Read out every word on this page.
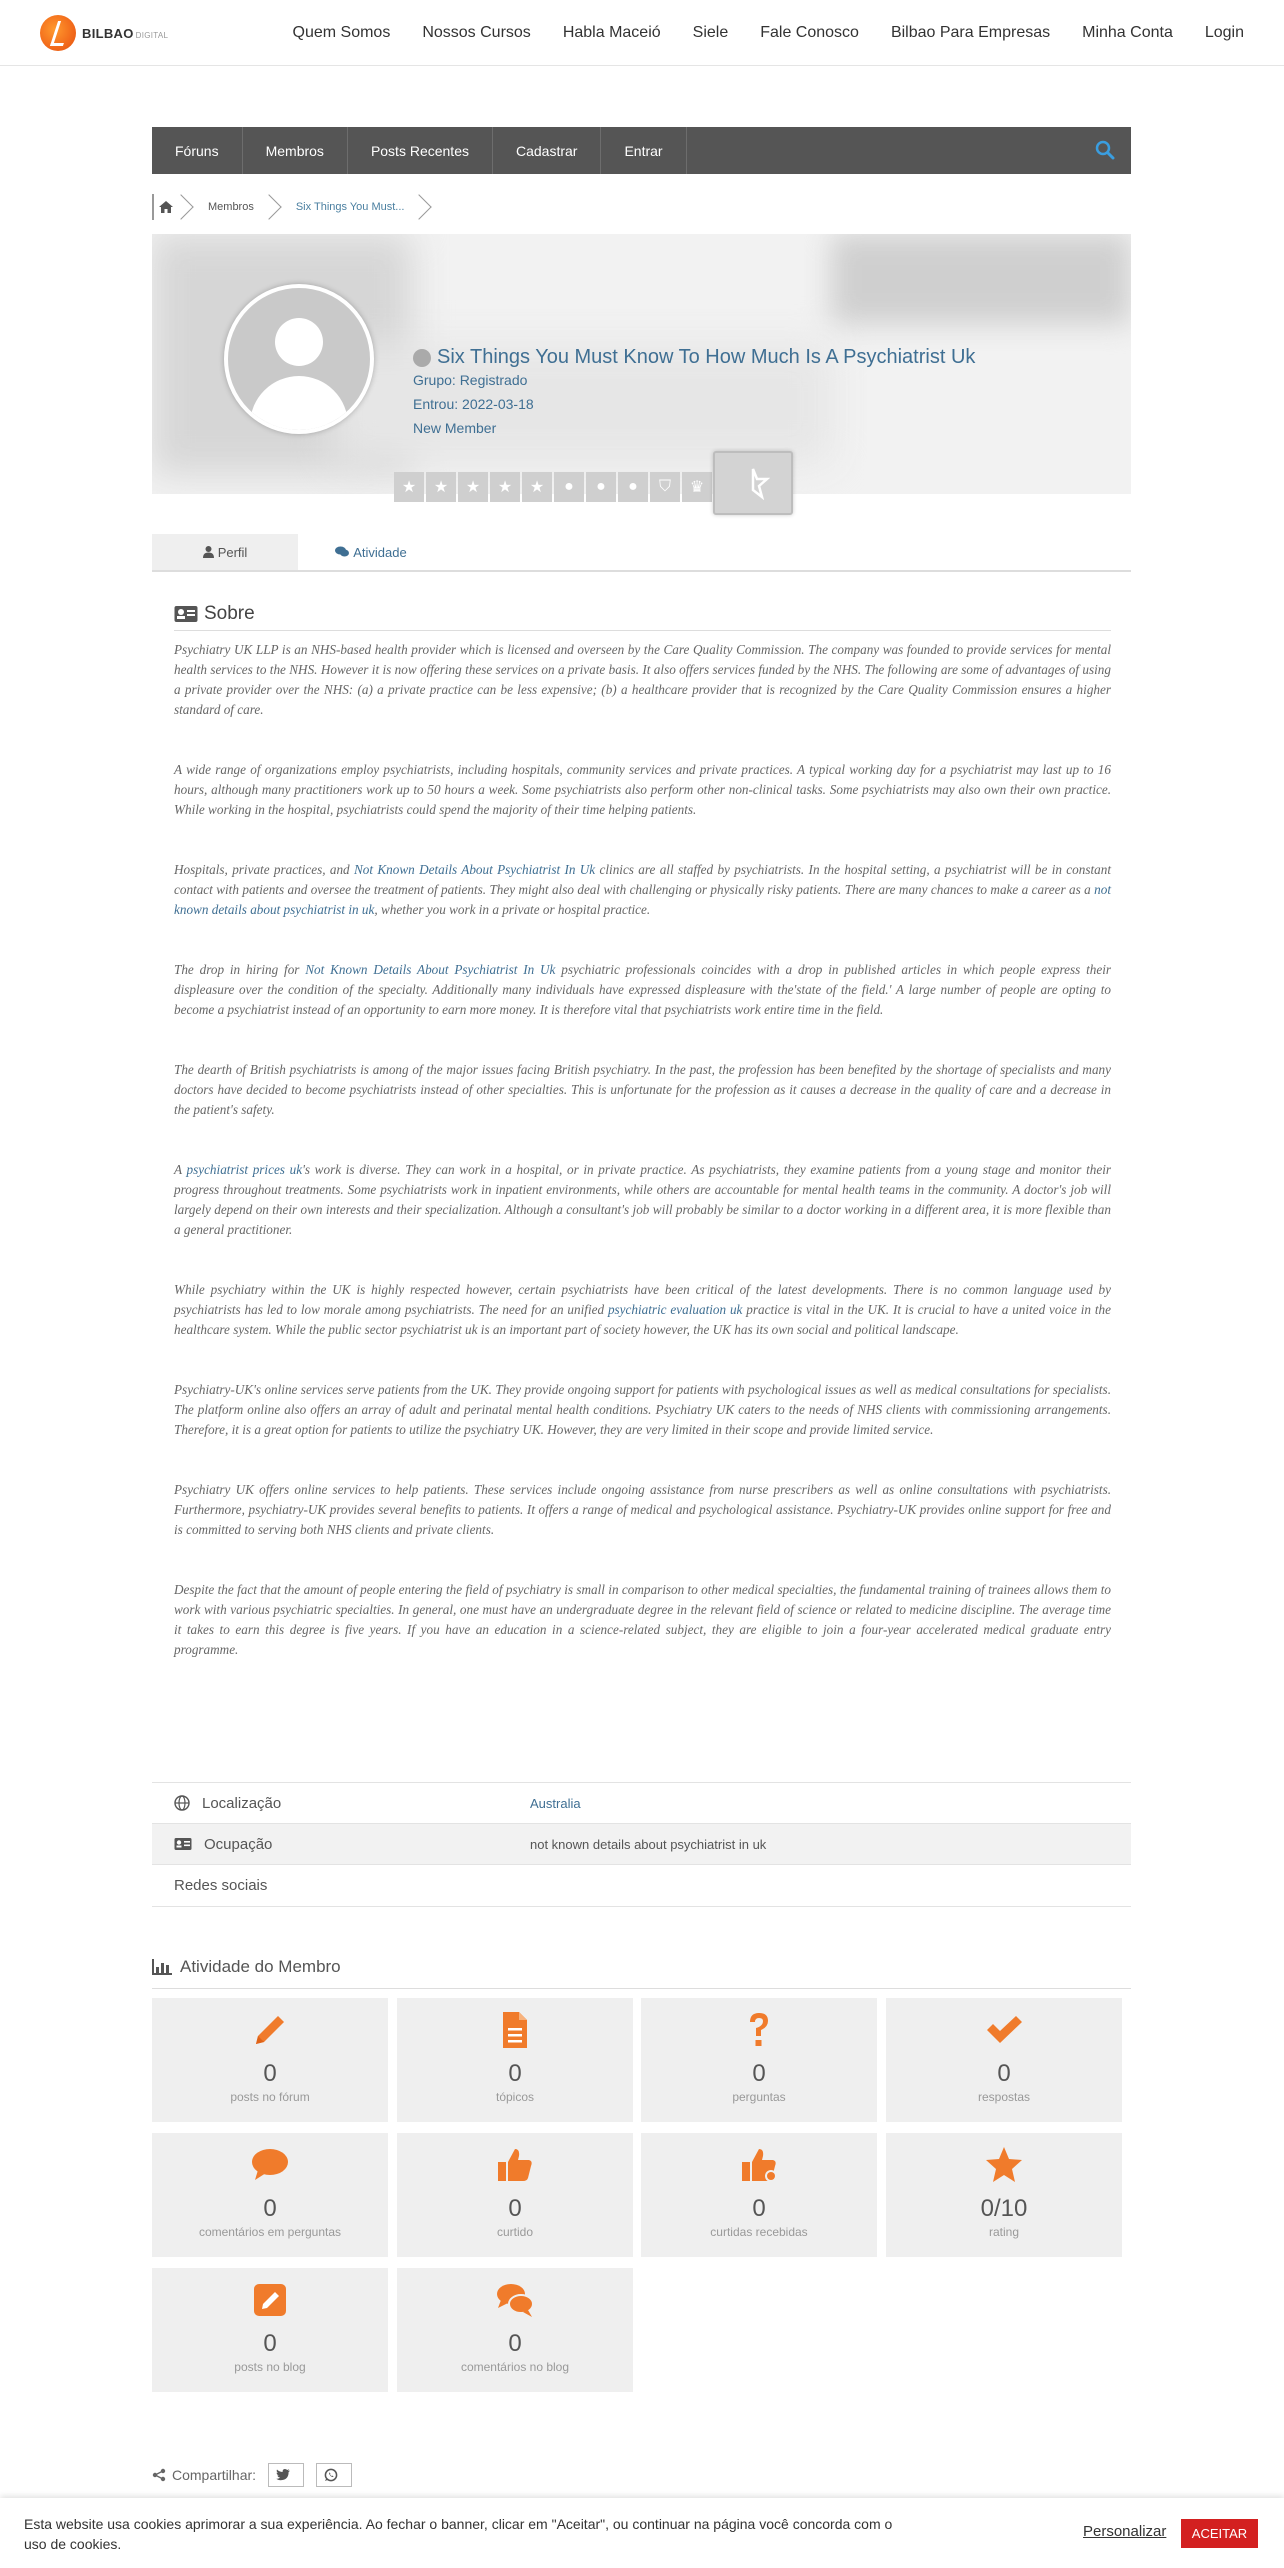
BILBAO DIGITAL	Quem Somos Nossos Cursos Habla Maceió Siele Fale Conosco Bilbao Para Empresas Minha Conta Login
Fóruns	Membros	Posts Recentes	Cadastrar	Entrar
Membros	Six Things You Must...
Six Things You Must Know To How Much Is A Psychiatrist Uk
Grupo: Registrado
Entrou: 2022-03-18
New Member
★	★	★	★	★	●	●	●	⛉	♛
Perfil	Atividade
Sobre

Psychiatry UK LLP is an NHS-based health provider which is licensed and overseen by the Care Quality Commission. The company was founded to provide services for mental health services to the NHS. However it is now offering these services on a private basis. It also offers services funded by the NHS. The following are some of advantages of using a private provider over the NHS: (a) a private practice can be less expensive; (b) a healthcare provider that is recognized by the Care Quality Commission ensures a higher standard of care.

A wide range of organizations employ psychiatrists, including hospitals, community services and private practices. A typical working day for a psychiatrist may last up to 16 hours, although many practitioners work up to 50 hours a week. Some psychiatrists also perform other non-clinical tasks. Some psychiatrists may also own their own practice. While working in the hospital, psychiatrists could spend the majority of their time helping patients.

Hospitals, private practices, and Not Known Details About Psychiatrist In Uk clinics are all staffed by psychiatrists. In the hospital setting, a psychiatrist will be in constant contact with patients and oversee the treatment of patients. They might also deal with challenging or physically risky patients. There are many chances to make a career as a not known details about psychiatrist in uk, whether you work in a private or hospital practice.

The drop in hiring for Not Known Details About Psychiatrist In Uk psychiatric professionals coincides with a drop in published articles in which people express their displeasure over the condition of the specialty. Additionally many individuals have expressed displeasure with the'state of the field.' A large number of people are opting to become a psychiatrist instead of an opportunity to earn more money. It is therefore vital that psychiatrists work entire time in the field.

The dearth of British psychiatrists is among of the major issues facing British psychiatry. In the past, the profession has been benefited by the shortage of specialists and many doctors have decided to become psychiatrists instead of other specialties. This is unfortunate for the profession as it causes a decrease in the quality of care and a decrease in the patient's safety.

A psychiatrist prices uk's work is diverse. They can work in a hospital, or in private practice. As psychiatrists, they examine patients from a young stage and monitor their progress throughout treatments. Some psychiatrists work in inpatient environments, while others are accountable for mental health teams in the community. A doctor's job will largely depend on their own interests and their specialization. Although a consultant's job will probably be similar to a doctor working in a different area, it is more flexible than a general practitioner.

While psychiatry within the UK is highly respected however, certain psychiatrists have been critical of the latest developments. There is no common language used by psychiatrists has led to low morale among psychiatrists. The need for an unified psychiatric evaluation uk practice is vital in the UK. It is crucial to have a united voice in the healthcare system. While the public sector psychiatrist uk is an important part of society however, the UK has its own social and political landscape.

Psychiatry-UK's online services serve patients from the UK. They provide ongoing support for patients with psychological issues as well as medical consultations for specialists. The platform online also offers an array of adult and perinatal mental health conditions. Psychiatry UK caters to the needs of NHS clients with commissioning arrangements. Therefore, it is a great option for patients to utilize the psychiatry UK. However, they are very limited in their scope and provide limited service.

Psychiatry UK offers online services to help patients. These services include ongoing assistance from nurse prescribers as well as online consultations with psychiatrists. Furthermore, psychiatry-UK provides several benefits to patients. It offers a range of medical and psychological assistance. Psychiatry-UK provides online support for free and is committed to serving both NHS clients and private clients.

Despite the fact that the amount of people entering the field of psychiatry is small in comparison to other medical specialties, the fundamental training of trainees allows them to work with various psychiatric specialties. In general, one must have an undergraduate degree in the relevant field of science or related to medicine discipline. The average time it takes to earn this degree is five years. If you have an education in a science-related subject, they are eligible to join a four-year accelerated medical graduate entry programme.

Localização	Australia
Ocupação	not known details about psychiatrist in uk
Redes sociais
Atividade do Membro
0
posts no fórum
0
tópicos
0
perguntas
0
respostas
0
comentários em perguntas
0
curtido
0
curtidas recebidas
0/10
rating
0
posts no blog
0
comentários no blog
Compartilhar:
Esta website usa cookies aprimorar a sua experiência. Ao fechar o banner, clicar em "Aceitar", ou continuar na página você concorda com o uso de cookies.
Personalizar	ACEITAR
